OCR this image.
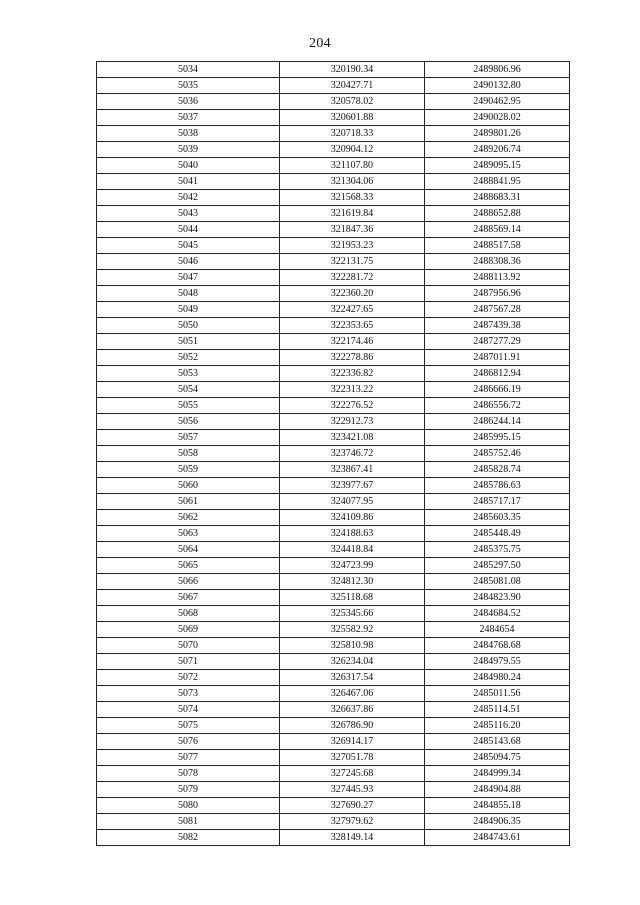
204
5034	320190.34	2489806.96
5035	320427.71	2490132.80
5036	320578.02	2490462.95
5037	320601.88	2490028.02
5038	320718.33	2489801.26
5039	320904.12	2489206.74
5040	321107.80	2489095.15
5041	321304.06	2488841.95
5042	321568.33	2488683.31
5043	321619.84	2488652.88
5044	321847.36	2488569.14
5045	321953.23	2488517.58
5046	322131.75	2488308.36
5047	322281.72	2488113.92
5048	322360.20	2487956.96
5049	322427.65	2487567.28
5050	322353.65	2487439.38
5051	322174.46	2487277.29
5052	322278.86	2487011.91
5053	322336.82	2486812.94
5054	322313.22	2486666.19
5055	322276.52	2486556.72
5056	322912.73	2486244.14
5057	323421.08	2485995.15
5058	323746.72	2485752.46
5059	323867.41	2485828.74
5060	323977.67	2485786.63
5061	324077.95	2485717.17
5062	324109.86	2485603.35
5063	324188.63	2485448.49
5064	324418.84	2485375.75
5065	324723.99	2485297.50
5066	324812.30	2485081.08
5067	325118.68	2484823.90
5068	325345.66	2484684.52
5069	325582.92	2484654
5070	325810.98	2484768.68
5071	326234.04	2484979.55
5072	326317.54	2484980.24
5073	326467.06	2485011.56
5074	326637.86	2485114.51
5075	326786.90	2485116.20
5076	326914.17	2485143.68
5077	327051.78	2485094.75
5078	327245.68	2484999.34
5079	327445.93	2484904.88
5080	327690.27	2484855.18
5081	327979.62	2484906.35
5082	328149.14	2484743.61
